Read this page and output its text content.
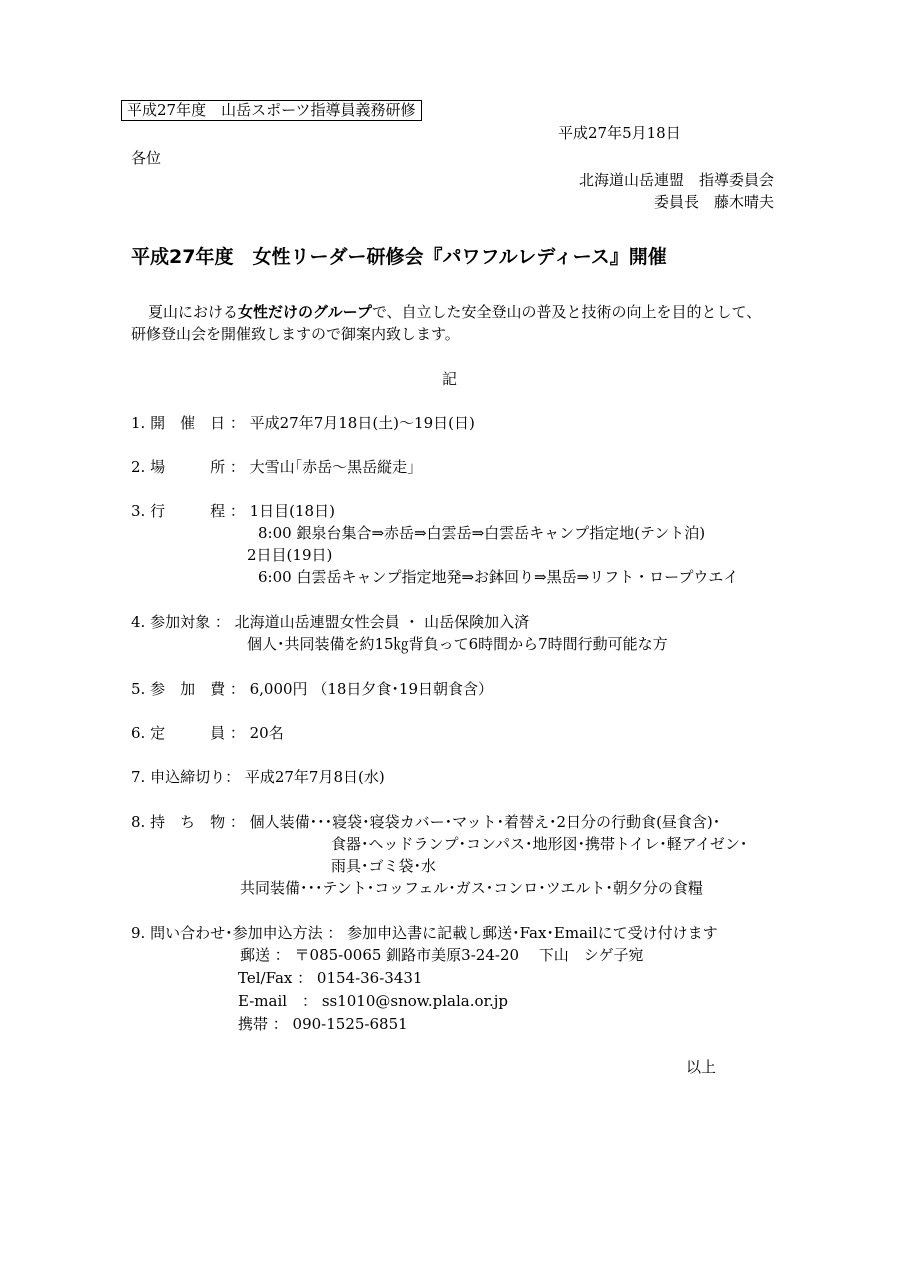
平成27年度　山岳スポーツ指導員義務研修
平成27年5月18日
各位
北海道山岳連盟　指導委員会
委員長　藤木晴夫
平成27年度　女性リーダー研修会『パワフルレディース』開催
夏山における女性だけのグループで、自立した安全登山の普及と技術の向上を目的として、
研修登山会を開催致しますので御案内致します。
記
1. 開　催　日 ： 平成27年7月18日(土)～19日(日)
2. 場　　　所 ： 大雪山｢赤岳～黒岳縦走｣
3. 行　　　程 ： 1日目(18日)
8:00 銀泉台集合⇒赤岳⇒白雲岳⇒白雲岳キャンプ指定地(テント泊)
2日目(19日)
6:00 白雲岳キャンプ指定地発⇒お鉢回り⇒黒岳⇒リフト・ロープウエイ
4. 参加対象 ： 北海道山岳連盟女性会員 ・ 山岳保険加入済
個人･共同装備を約15㎏背負って6時間から7時間行動可能な方
5. 参　加　費 ： 6,000円 （18日夕食･19日朝食含）
6. 定　　　員 ： 20名
7. 申込締切り： 平成27年7月8日(水)
8. 持　ち　物 ： 個人装備･･･寝袋･寝袋カバー･マット･着替え･2日分の行動食(昼食含)･
食器･ヘッドランプ･コンパス･地形図･携帯トイレ･軽アイゼン･
雨具･ゴミ袋･水
共同装備･･･テント･コッフェル･ガス･コンロ･ツエルト･朝夕分の食糧
9. 問い合わせ･参加申込方法 ： 参加申込書に記載し郵送･Fax･Emailにて受け付けます
郵送 ： 〒085-0065 釧路市美原3-24-20　 下山　シゲ子宛
Tel/Fax ： 0154-36-3431
E-mail　： ss1010@snow.plala.or.jp
携帯 ： 090-1525-6851
以上
